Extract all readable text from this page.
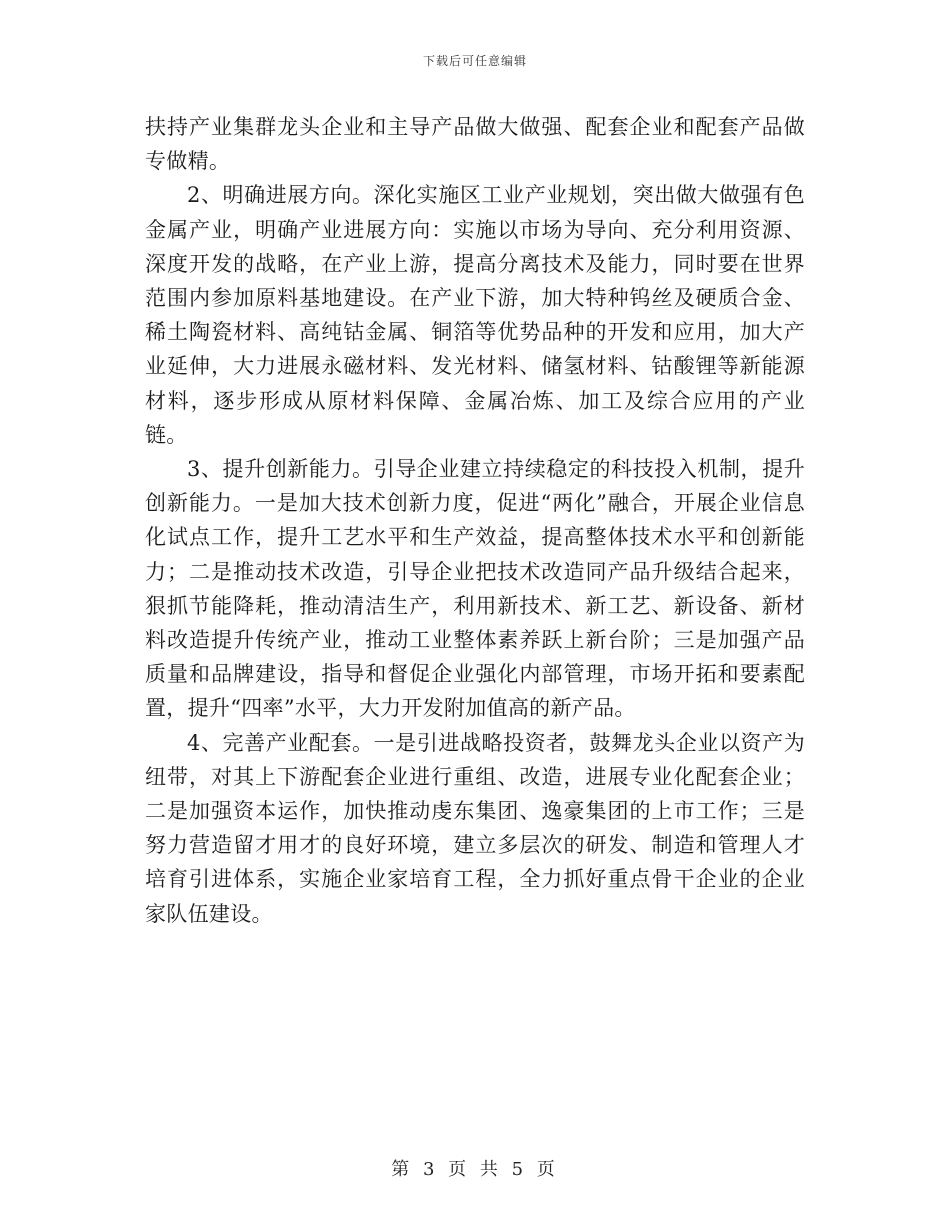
下载后可任意编辑

扶持产业集群龙头企业和主导产品做大做强、配套企业和配套产品做专做精。

2、明确进展方向。深化实施区工业产业规划，突出做大做强有色金属产业，明确产业进展方向：实施以市场为导向、充分利用资源、深度开发的战略，在产业上游，提高分离技术及能力，同时要在世界范围内参加原料基地建设。在产业下游，加大特种钨丝及硬质合金、稀土陶瓷材料、高纯钴金属、铜箔等优势品种的开发和应用，加大产业延伸，大力进展永磁材料、发光材料、储氢材料、钴酸锂等新能源材料，逐步形成从原材料保障、金属冶炼、加工及综合应用的产业链。

3、提升创新能力。引导企业建立持续稳定的科技投入机制，提升创新能力。一是加大技术创新力度，促进“两化”融合，开展企业信息化试点工作，提升工艺水平和生产效益，提高整体技术水平和创新能力；二是推动技术改造，引导企业把技术改造同产品升级结合起来，狠抓节能降耗，推动清洁生产，利用新技术、新工艺、新设备、新材料改造提升传统产业，推动工业整体素养跃上新台阶；三是加强产品质量和品牌建设，指导和督促企业强化内部管理，市场开拓和要素配置，提升“四率”水平，大力开发附加值高的新产品。

4、完善产业配套。一是引进战略投资者，鼓舞龙头企业以资产为纽带，对其上下游配套企业进行重组、改造，进展专业化配套企业；二是加强资本运作，加快推动虔东集团、逸豪集团的上市工作；三是努力营造留才用才的良好环境，建立多层次的研发、制造和管理人才培育引进体系，实施企业家培育工程，全力抓好重点骨干企业的企业家队伍建设。

第 3 页 共 5 页
